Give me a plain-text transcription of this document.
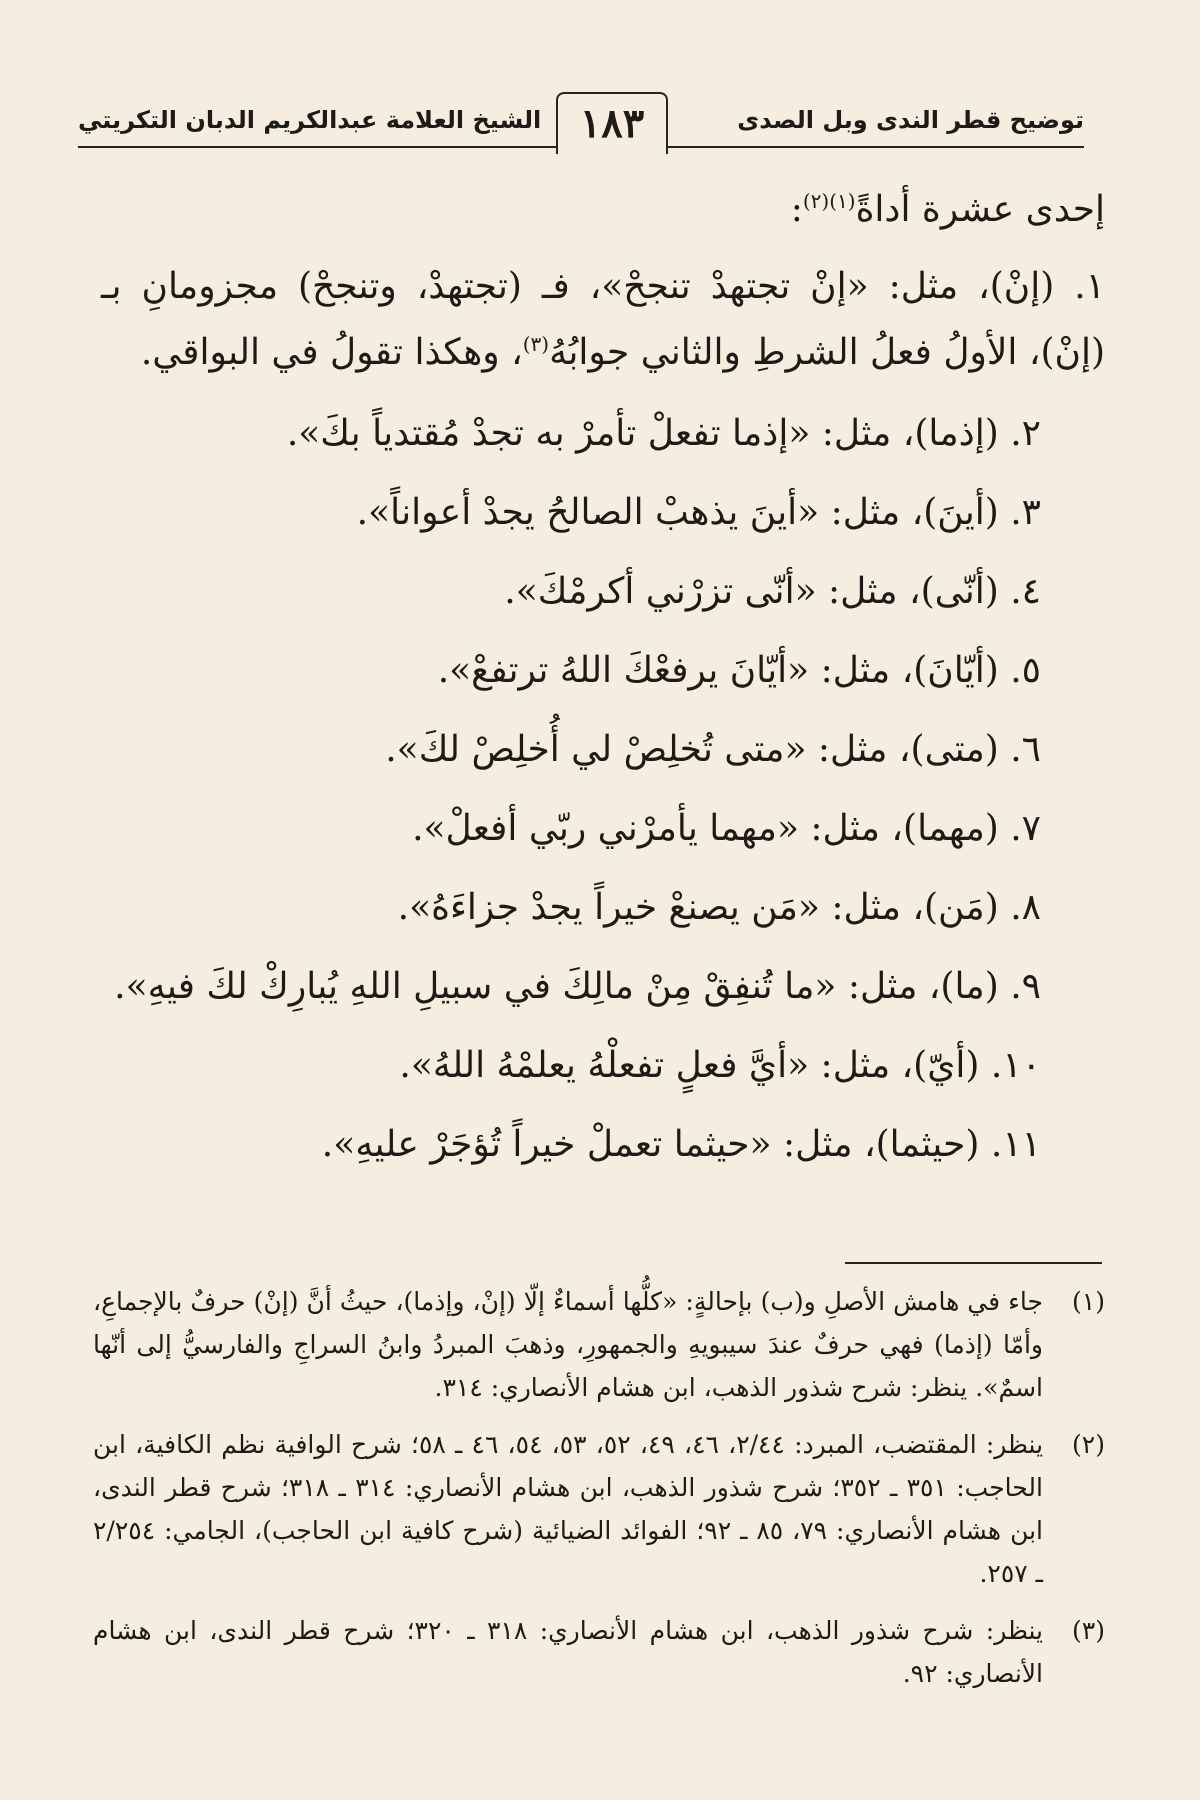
توضيح قطر الندى وبل الصدى
١٨٣
الشيخ العلامة عبدالكريم الدبان التكريتي

إحدى عشرة أداةً$^{(١)(٢)}$:

١. (إنْ)، مثل: «إنْ تجتهدْ تنجحْ»، فـ (تجتهدْ، وتنجحْ) مجزومانِ بـ (إنْ)، الأولُ فعلُ الشرطِ والثاني جوابُهُ$^{(٣)}$، وهكذا تقولُ في البواقي.

٢. (إذما)، مثل: «إذما تفعلْ تأمرْ به تجدْ مُقتدياً بكَ».
٣. (أينَ)، مثل: «أينَ يذهبْ الصالحُ يجدْ أعواناً».
٤. (أنّى)، مثل: «أنّى تزرْني أكرمْكَ».
٥. (أيّانَ)، مثل: «أيّانَ يرفعْكَ اللهُ ترتفعْ».
٦. (متى)، مثل: «متى تُخلِصْ لي أُخلِصْ لكَ».
٧. (مهما)، مثل: «مهما يأمرْني ربّي أفعلْ».
٨. (مَن)، مثل: «مَن يصنعْ خيراً يجدْ جزاءَهُ».
٩. (ما)، مثل: «ما تُنفِقْ مِنْ مالِكَ في سبيلِ اللهِ يُبارِكْ لكَ فيهِ».
١٠. (أيّ)، مثل: «أيَّ فعلٍ تفعلْهُ يعلمْهُ اللهُ».
١١. (حيثما)، مثل: «حيثما تعملْ خيراً تُؤجَرْ عليهِ».
(١)
جاء في هامش الأصلِ و(ب) بإحالةٍ: «كلُّها أسماءٌ إلّا (إنْ، وإذما)، حيثُ أنَّ (إنْ) حرفٌ بالإجماعِ، وأمّا (إذما) فهي حرفٌ عندَ سيبويهِ والجمهورِ، وذهبَ المبردُ وابنُ السراجِ والفارسيُّ إلى أنّها اسمٌ». ينظر: شرح شذور الذهب، ابن هشام الأنصاري: ٣١٤.
(٢)
ينظر: المقتضب، المبرد: ٢/٤٤، ٤٦، ٤٩، ٥٢، ٥٣، ٥٤، ٤٦ ـ ٥٨؛ شرح الوافية نظم الكافية، ابن الحاجب: ٣٥١ ـ ٣٥٢؛ شرح شذور الذهب، ابن هشام الأنصاري: ٣١٤ ـ ٣١٨؛ شرح قطر الندى، ابن هشام الأنصاري: ٧٩، ٨٥ ـ ٩٢؛ الفوائد الضيائية (شرح كافية ابن الحاجب)، الجامي: ٢/٢٥٤ ـ ٢٥٧.
(٣)
ينظر: شرح شذور الذهب، ابن هشام الأنصاري: ٣١٨ ـ ٣٢٠؛ شرح قطر الندى، ابن هشام الأنصاري: ٩٢.
